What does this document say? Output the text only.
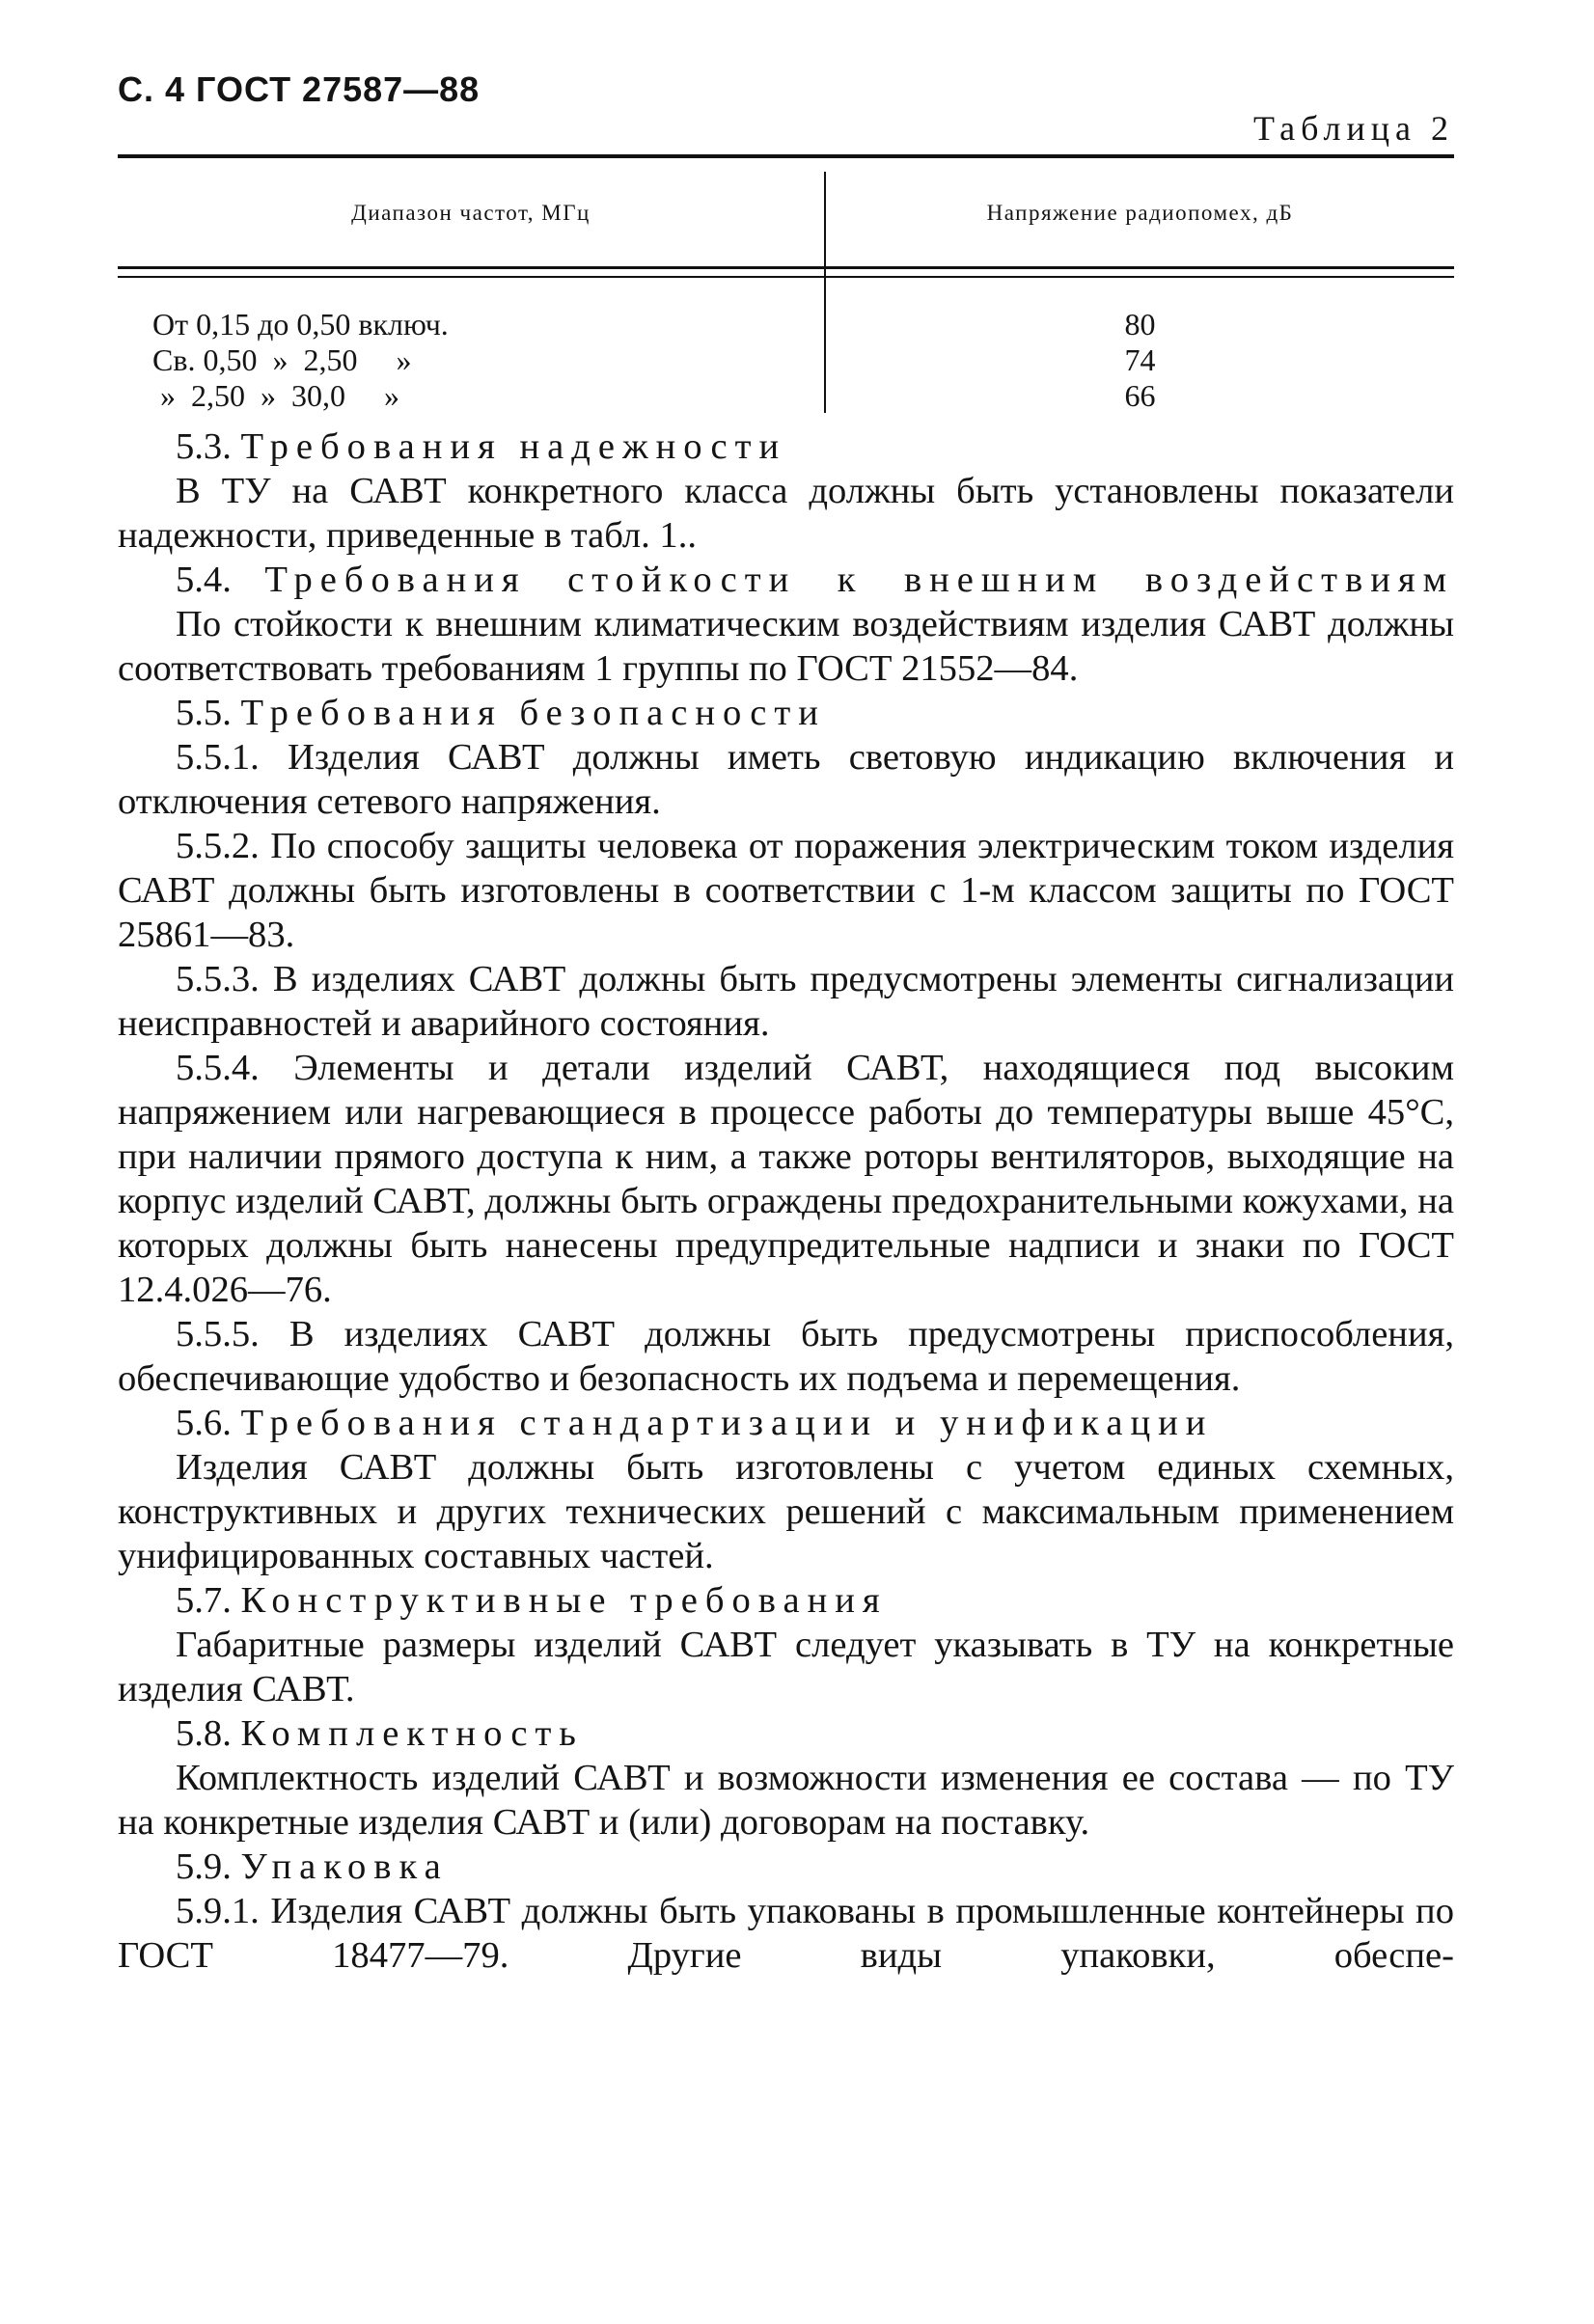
С. 4 ГОСТ 27587—88
Таблица 2
Диапазон частот, МГц	Напряжение радиопомех, дБ
От 0,15 до 0,50 включ.
Св. 0,50  »  2,50     »
»  2,50  »  30,0     »
80
74
66
5.3. Требования надежности
В ТУ на САВТ конкретного класса должны быть установлены показатели надежности, приведенные в табл. 1..
5.4. Требования стойкости к внешним воздействиям
По стойкости к внешним климатическим воздействиям изделия САВТ должны соответствовать требованиям 1 группы по ГОСТ 21552—84.
5.5. Требования безопасности
5.5.1. Изделия САВТ должны иметь световую индикацию включения и отключения сетевого напряжения.
5.5.2. По способу защиты человека от поражения электрическим током изделия САВТ должны быть изготовлены в соответствии с 1-м классом защиты по ГОСТ 25861—83.
5.5.3. В изделиях САВТ должны быть предусмотрены элементы сигнализации неисправностей и аварийного состояния.
5.5.4. Элементы и детали изделий САВТ, находящиеся под высоким напряжением или нагревающиеся в процессе работы до температуры выше 45°С, при наличии прямого доступа к ним, а также роторы вентиляторов, выходящие на корпус изделий САВТ, должны быть ограждены предохранительными кожухами, на которых должны быть нанесены предупредительные надписи и знаки по ГОСТ 12.4.026—76.
5.5.5. В изделиях САВТ должны быть предусмотрены приспособления, обеспечивающие удобство и безопасность их подъема и перемещения.
5.6. Требования стандартизации и унификации
Изделия САВТ должны быть изготовлены с учетом единых схемных, конструктивных и других технических решений с максимальным применением унифицированных составных частей.
5.7. Конструктивные требования
Габаритные размеры изделий САВТ следует указывать в ТУ на конкретные изделия САВТ.
5.8. Комплектность
Комплектность изделий САВТ и возможности изменения ее состава — по ТУ на конкретные изделия САВТ и (или) договорам на поставку.
5.9. Упаковка
5.9.1. Изделия САВТ должны быть упакованы в промышленные контейнеры по ГОСТ 18477—79. Другие виды упаковки, обеспе-
